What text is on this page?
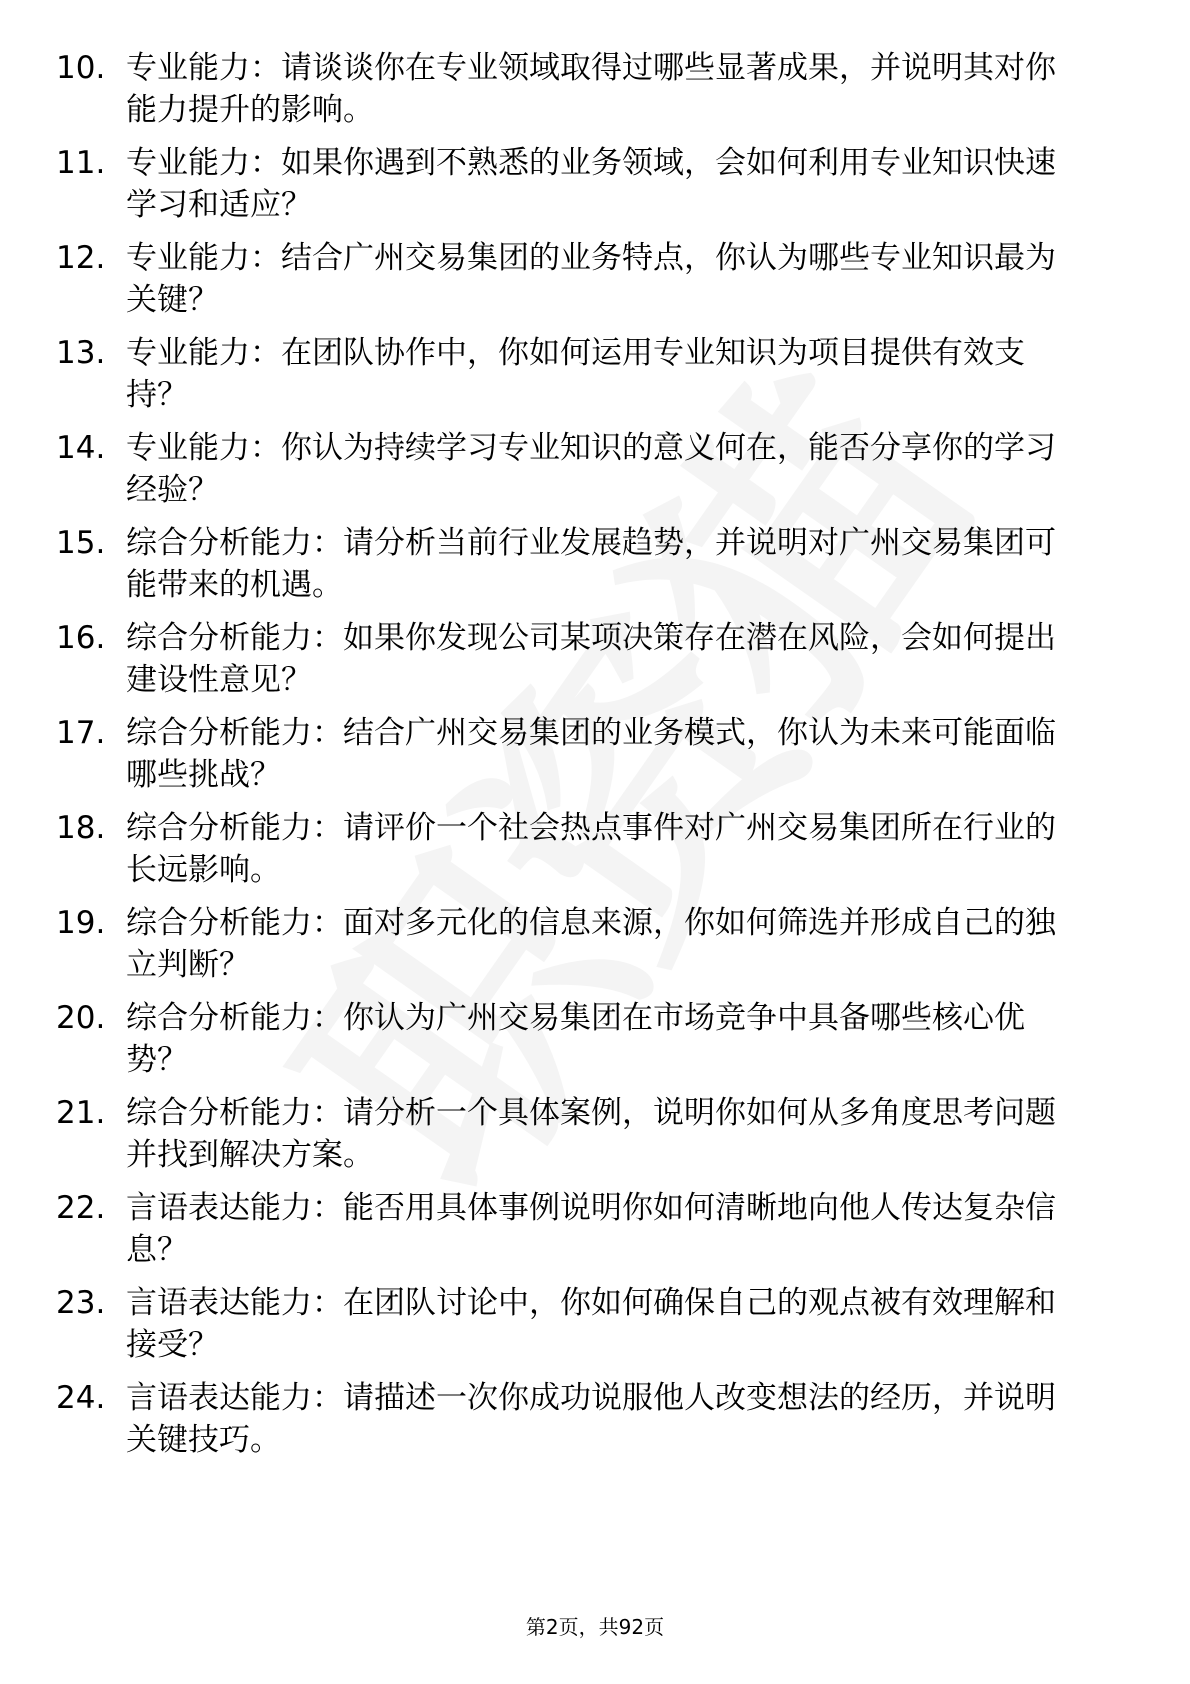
10. 专业能力：请谈谈你在专业领域取得过哪些显著成果，并说明其对你能力提升的影响。
11. 专业能力：如果你遇到不熟悉的业务领域，会如何利用专业知识快速学习和适应？
12. 专业能力：结合广州交易集团的业务特点，你认为哪些专业知识最为关键？
13. 专业能力：在团队协作中，你如何运用专业知识为项目提供有效支持？
14. 专业能力：你认为持续学习专业知识的意义何在，能否分享你的学习经验？
15. 综合分析能力：请分析当前行业发展趋势，并说明对广州交易集团可能带来的机遇。
16. 综合分析能力：如果你发现公司某项决策存在潜在风险，会如何提出建设性意见？
17. 综合分析能力：结合广州交易集团的业务模式，你认为未来可能面临哪些挑战？
18. 综合分析能力：请评价一个社会热点事件对广州交易集团所在行业的长远影响。
19. 综合分析能力：面对多元化的信息来源，你如何筛选并形成自己的独立判断？
20. 综合分析能力：你认为广州交易集团在市场竞争中具备哪些核心优势？
21. 综合分析能力：请分析一个具体案例，说明你如何从多角度思考问题并找到解决方案。
22. 言语表达能力：能否用具体事例说明你如何清晰地向他人传达复杂信息？
23. 言语表达能力：在团队讨论中，你如何确保自己的观点被有效理解和接受？
24. 言语表达能力：请描述一次你成功说服他人改变想法的经历，并说明关键技巧。
第2页，共92页
